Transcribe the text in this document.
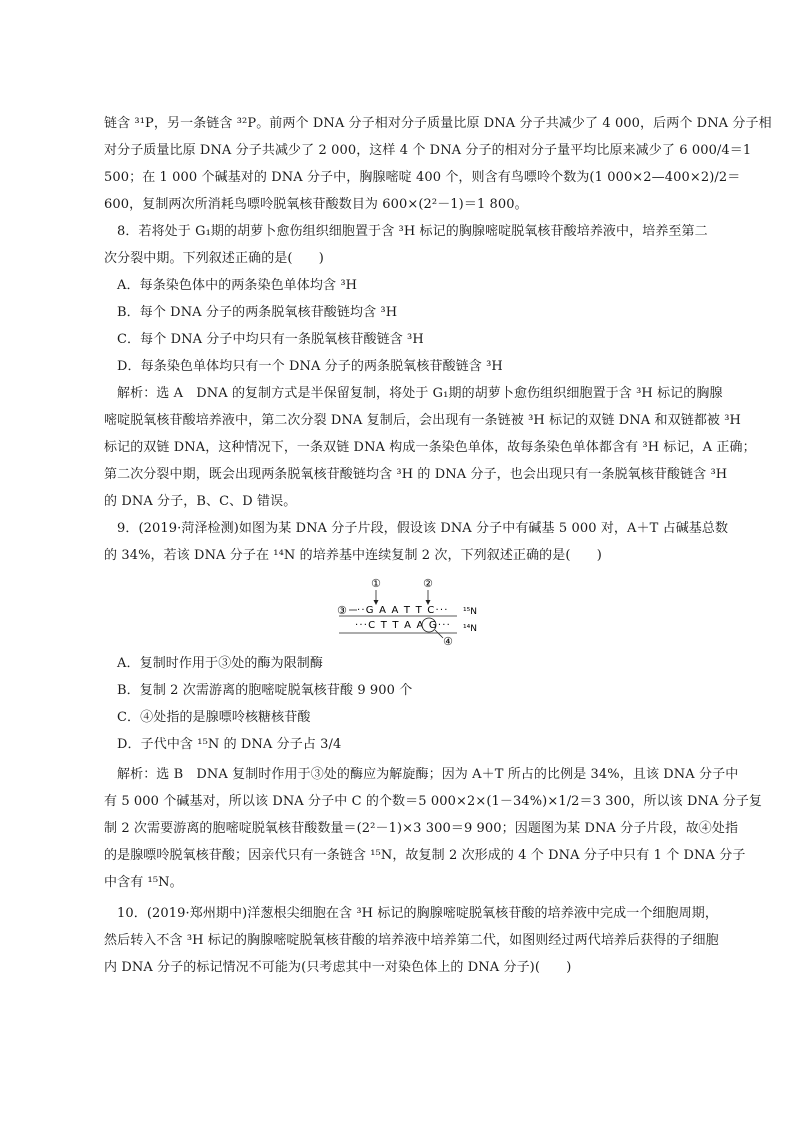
链含 ³¹P，另一条链含 ³²P。前两个 DNA 分子相对分子质量比原 DNA 分子共减少了 4 000，后两个 DNA 分子相
对分子质量比原 DNA 分子共减少了 2 000，这样 4 个 DNA 分子的相对分子量平均比原来减少了 6 000/4＝1
500；在 1 000 个碱基对的 DNA 分子中，胸腺嘧啶 400 个，则含有鸟嘌呤个数为(1 000×2—400×2)/2＝
600，复制两次所消耗鸟嘌呤脱氧核苷酸数目为 600×(2²－1)＝1 800。
8．若将处于 G₁期的胡萝卜愈伤组织细胞置于含 ³H 标记的胸腺嘧啶脱氧核苷酸培养液中，培养至第二
次分裂中期。下列叙述正确的是(　　)
A．每条染色体中的两条染色单体均含 ³H
B．每个 DNA 分子的两条脱氧核苷酸链均含 ³H
C．每个 DNA 分子中均只有一条脱氧核苷酸链含 ³H
D．每条染色单体均只有一个 DNA 分子的两条脱氧核苷酸链含 ³H
解析：选 A　DNA 的复制方式是半保留复制，将处于 G₁期的胡萝卜愈伤组织细胞置于含 ³H 标记的胸腺
嘧啶脱氧核苷酸培养液中，第二次分裂 DNA 复制后，会出现有一条链被 ³H 标记的双链 DNA 和双链都被 ³H
标记的双链 DNA，这种情况下，一条双链 DNA 构成一条染色单体，故每条染色单体都含有 ³H 标记，A 正确；
第二次分裂中期，既会出现两条脱氧核苷酸链均含 ³H 的 DNA 分子，也会出现只有一条脱氧核苷酸链含 ³H
的 DNA 分子，B、C、D 错误。
9．(2019·菏泽检测)如图为某 DNA 分子片段，假设该 DNA 分子中有碱基 5 000 对，A＋T 占碱基总数
的 34%，若该 DNA 分子在 ¹⁴N 的培养基中连续复制 2 次，下列叙述正确的是(　　)
①	②
③ ··G A A T T C··· ¹⁵N
···C T T A A G··· ¹⁴N
④
A．复制时作用于③处的酶为限制酶
B．复制 2 次需游离的胞嘧啶脱氧核苷酸 9 900 个
C．④处指的是腺嘌呤核糖核苷酸
D．子代中含 ¹⁵N 的 DNA 分子占 3/4
解析：选 B　DNA 复制时作用于③处的酶应为解旋酶；因为 A＋T 所占的比例是 34%，且该 DNA 分子中
有 5 000 个碱基对，所以该 DNA 分子中 C 的个数＝5 000×2×(1－34%)×1/2＝3 300，所以该 DNA 分子复
制 2 次需要游离的胞嘧啶脱氧核苷酸数量＝(2²－1)×3 300＝9 900；因题图为某 DNA 分子片段，故④处指
的是腺嘌呤脱氧核苷酸；因亲代只有一条链含 ¹⁵N，故复制 2 次形成的 4 个 DNA 分子中只有 1 个 DNA 分子
中含有 ¹⁵N。
10．(2019·郑州期中)洋葱根尖细胞在含 ³H 标记的胸腺嘧啶脱氧核苷酸的培养液中完成一个细胞周期，
然后转入不含 ³H 标记的胸腺嘧啶脱氧核苷酸的培养液中培养第二代，如图则经过两代培养后获得的子细胞
内 DNA 分子的标记情况不可能为(只考虑其中一对染色体上的 DNA 分子)(　　)
